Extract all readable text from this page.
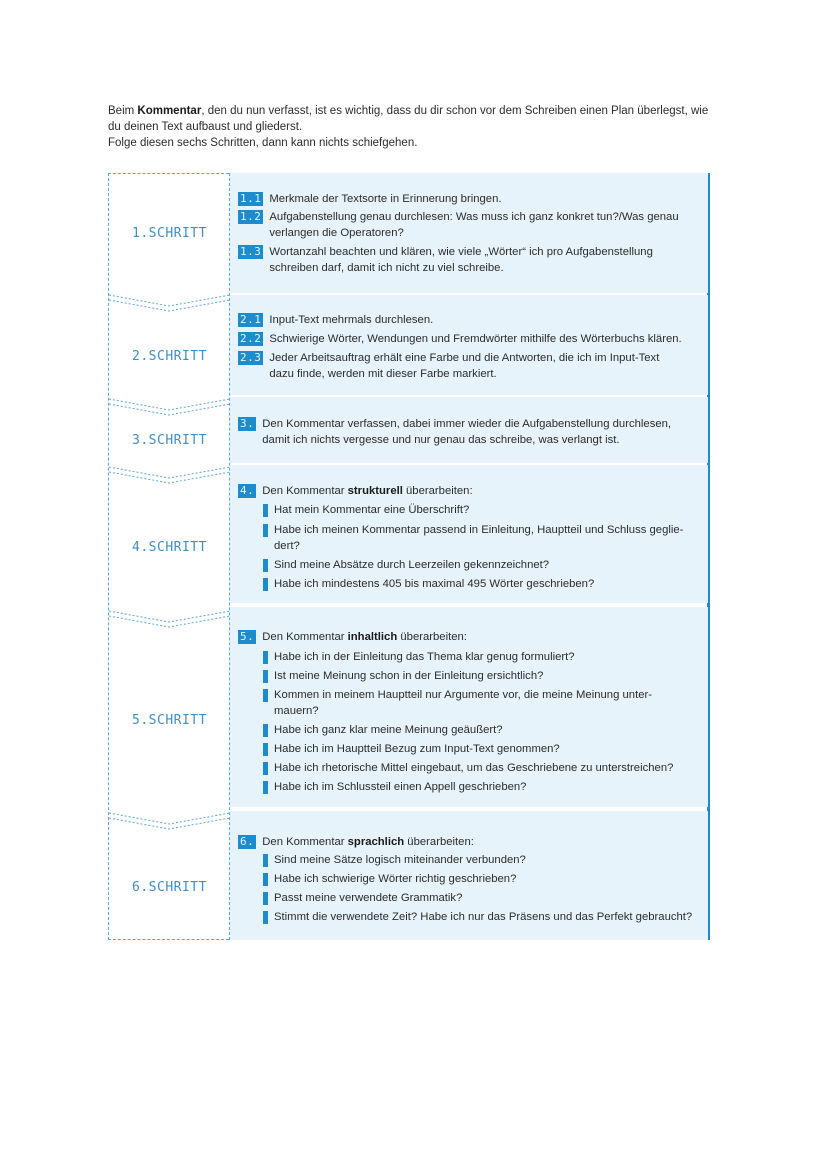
Beim Kommentar, den du nun verfasst, ist es wichtig, dass du dir schon vor dem Schreiben einen Plan überlegst, wie

du deinen Text aufbaust und gliederst.

Folge diesen sechs Schritten, dann kann nichts schiefgehen.

1.SCHRITT
2.SCHRITT
3.SCHRITT
4.SCHRITT
5.SCHRITT
6.SCHRITT
1.1 Merkmale der Textsorte in Erinnerung bringen.
1.2 Aufgabenstellung genau durchlesen: Was muss ich ganz konkret tun?/Was genau
verlangen die Operatoren?
1.3 Wortanzahl beachten und klären, wie viele „Wörter“ ich pro Aufgabenstellung
schreiben darf, damit ich nicht zu viel schreibe.
2.1 Input-Text mehrmals durchlesen.
2.2 Schwierige Wörter, Wendungen und Fremdwörter mithilfe des Wörterbuchs klären.
2.3 Jeder Arbeitsauftrag erhält eine Farbe und die Antworten, die ich im Input-Text
dazu finde, werden mit dieser Farbe markiert.
3. Den Kommentar verfassen, dabei immer wieder die Aufgabenstellung durchlesen,
damit ich nichts vergesse und nur genau das schreibe, was verlangt ist.
4. Den Kommentar strukturell überarbeiten:
Hat mein Kommentar eine Überschrift?
Habe ich meinen Kommentar passend in Einleitung, Hauptteil und Schluss geglie-
dert?
Sind meine Absätze durch Leerzeilen gekennzeichnet?
Habe ich mindestens 405 bis maximal 495 Wörter geschrieben?
5. Den Kommentar inhaltlich überarbeiten:
Habe ich in der Einleitung das Thema klar genug formuliert?
Ist meine Meinung schon in der Einleitung ersichtlich?
Kommen in meinem Hauptteil nur Argumente vor, die meine Meinung unter-
mauern?
Habe ich ganz klar meine Meinung geäußert?
Habe ich im Hauptteil Bezug zum Input-Text genommen?
Habe ich rhetorische Mittel eingebaut, um das Geschriebene zu unterstreichen?
Habe ich im Schlussteil einen Appell geschrieben?
6. Den Kommentar sprachlich überarbeiten:
Sind meine Sätze logisch miteinander verbunden?
Habe ich schwierige Wörter richtig geschrieben?
Passt meine verwendete Grammatik?
Stimmt die verwendete Zeit? Habe ich nur das Präsens und das Perfekt gebraucht?
